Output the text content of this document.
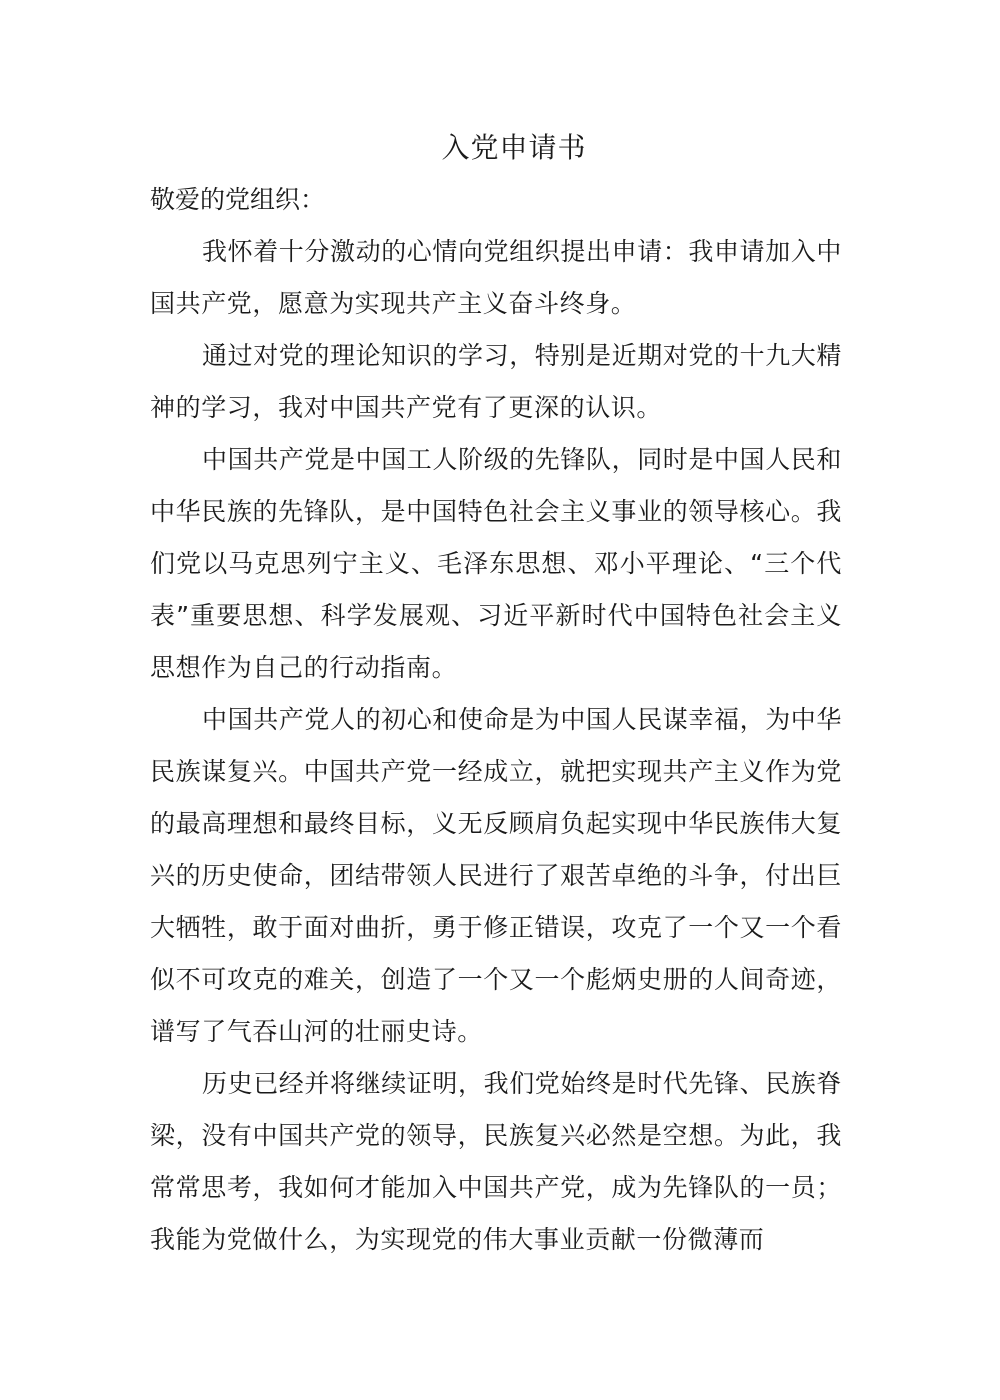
入党申请书

敬爱的党组织：

我怀着十分激动的心情向党组织提出申请：我申请加入中国共产党，愿意为实现共产主义奋斗终身。

通过对党的理论知识的学习，特别是近期对党的十九大精神的学习，我对中国共产党有了更深的认识。

中国共产党是中国工人阶级的先锋队，同时是中国人民和中华民族的先锋队，是中国特色社会主义事业的领导核心。我们党以马克思列宁主义、毛泽东思想、邓小平理论、“三个代表”重要思想、科学发展观、习近平新时代中国特色社会主义思想作为自己的行动指南。

中国共产党人的初心和使命是为中国人民谋幸福，为中华民族谋复兴。中国共产党一经成立，就把实现共产主义作为党的最高理想和最终目标，义无反顾肩负起实现中华民族伟大复兴的历史使命，团结带领人民进行了艰苦卓绝的斗争，付出巨大牺牲，敢于面对曲折，勇于修正错误，攻克了一个又一个看似不可攻克的难关，创造了一个又一个彪炳史册的人间奇迹，谱写了气吞山河的壮丽史诗。

历史已经并将继续证明，我们党始终是时代先锋、民族脊梁，没有中国共产党的领导，民族复兴必然是空想。为此，我常常思考，我如何才能加入中国共产党，成为先锋队的一员；我能为党做什么，为实现党的伟大事业贡献一份微薄而
